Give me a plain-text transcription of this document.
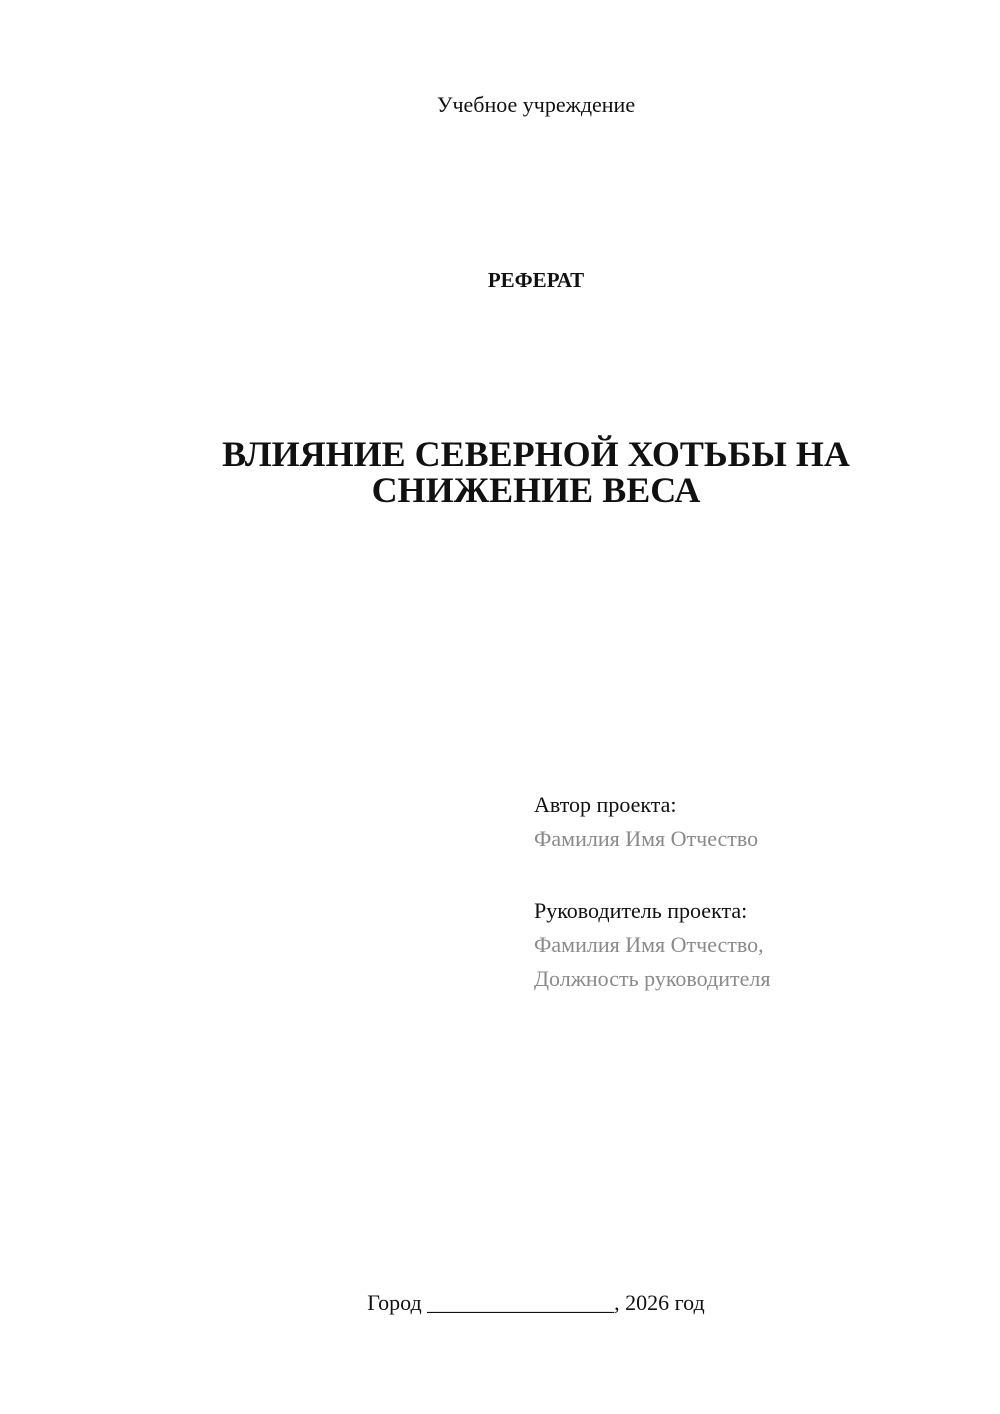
Учебное учреждение
РЕФЕРАТ
ВЛИЯНИЕ СЕВЕРНОЙ ХОТЬБЫ НА
СНИЖЕНИЕ ВЕСА
Автор проекта:
Фамилия Имя Отчество
Руководитель проекта:
Фамилия Имя Отчество,
Должность руководителя
Город _________________, 2026 год
